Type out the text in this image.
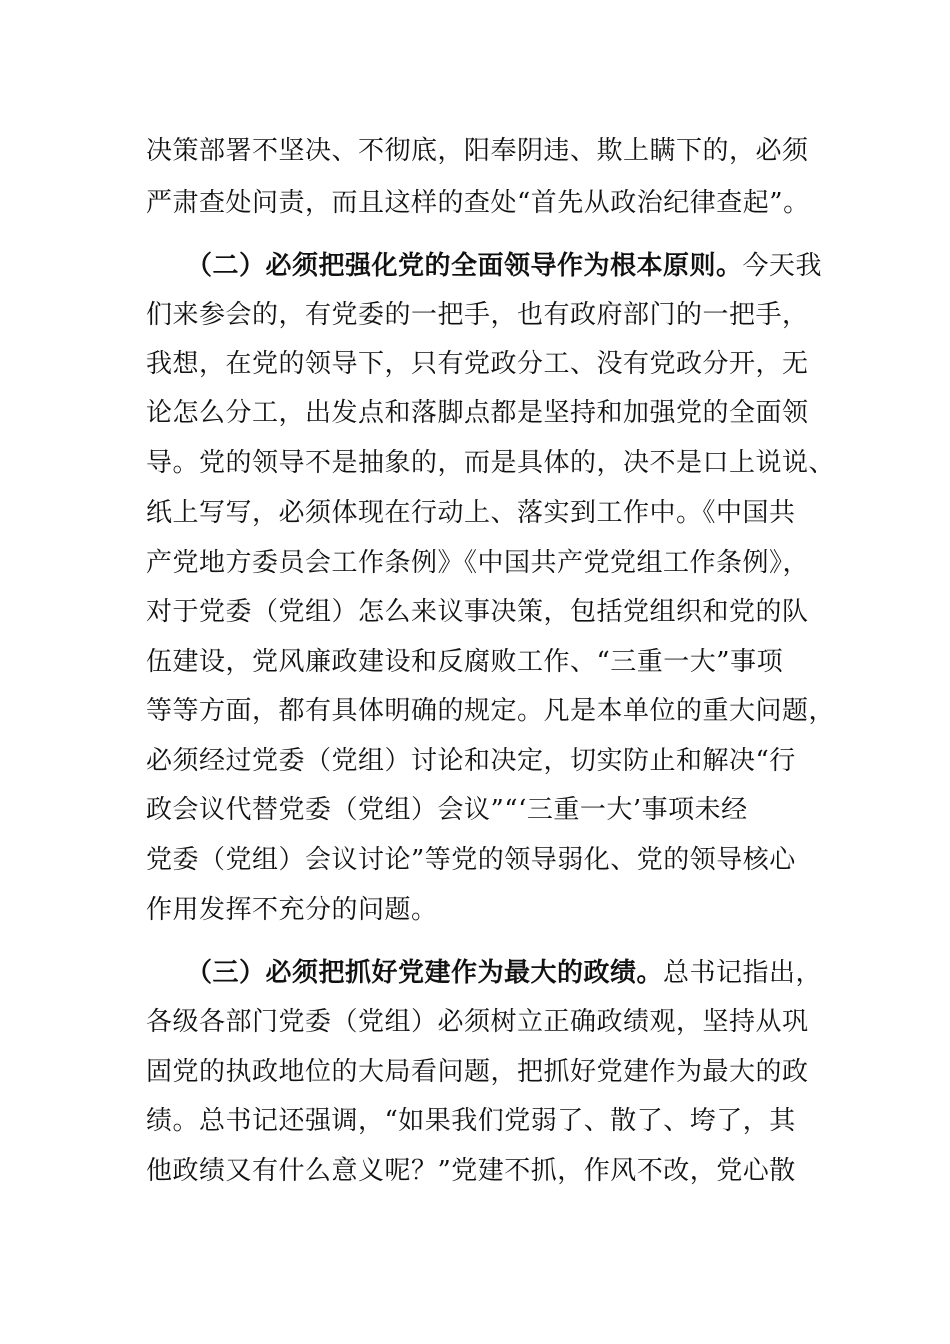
决策部署不坚决、不彻底，阳奉阴违、欺上瞒下的，必须
严肃查处问责，而且这样的查处“首先从政治纪律查起”。
（二）必须把强化党的全面领导作为根本原则。今天我
们来参会的，有党委的一把手，也有政府部门的一把手，
我想，在党的领导下，只有党政分工、没有党政分开，无
论怎么分工，出发点和落脚点都是坚持和加强党的全面领
导。党的领导不是抽象的，而是具体的，决不是口上说说、
纸上写写，必须体现在行动上、落实到工作中。《中国共
产党地方委员会工作条例》《中国共产党党组工作条例》，
对于党委（党组）怎么来议事决策，包括党组织和党的队
伍建设，党风廉政建设和反腐败工作、“三重一大”事项
等等方面，都有具体明确的规定。凡是本单位的重大问题，
必须经过党委（党组）讨论和决定，切实防止和解决“行
政会议代替党委（党组）会议”“‘三重一大’事项未经
党委（党组）会议讨论”等党的领导弱化、党的领导核心
作用发挥不充分的问题。
（三）必须把抓好党建作为最大的政绩。总书记指出，
各级各部门党委（党组）必须树立正确政绩观，坚持从巩
固党的执政地位的大局看问题，把抓好党建作为最大的政
绩。总书记还强调，“如果我们党弱了、散了、垮了，其
他政绩又有什么意义呢？”党建不抓，作风不改，党心散
